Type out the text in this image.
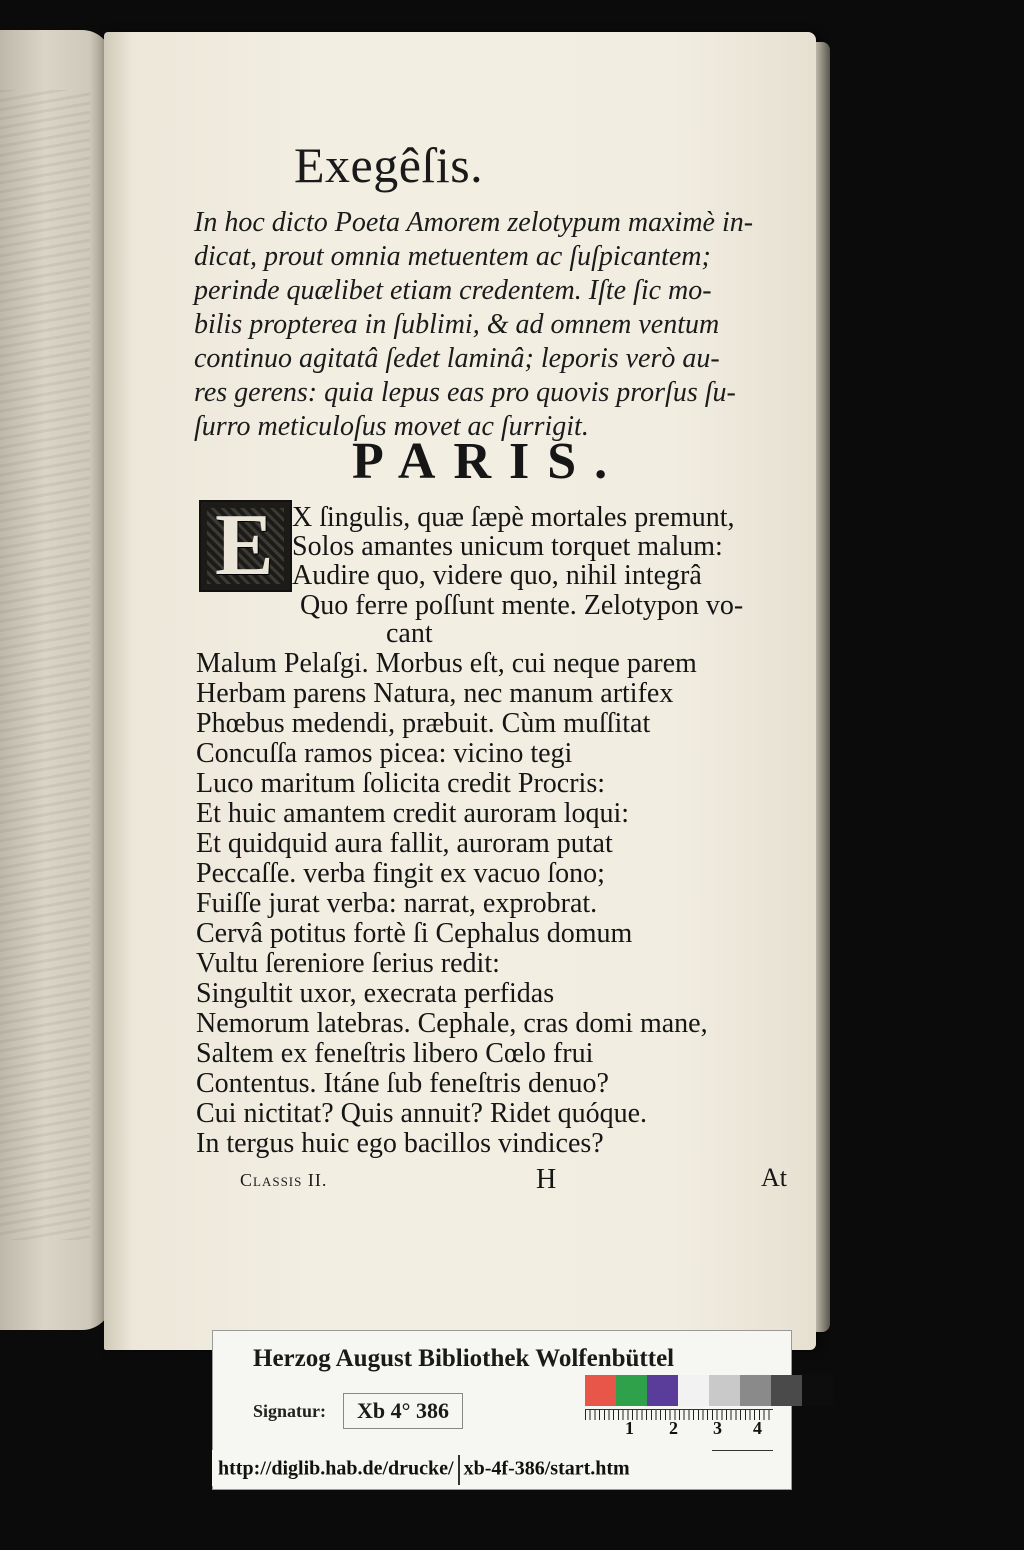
Exegêſis.
In hoc dicto Poeta Amorem zelotypum maximè in-
dicat, prout omnia metuentem ac ſuſpicantem;
perinde quælibet etiam credentem. Iſte ſic mo-
bilis propterea in ſublimi, & ad omnem ventum
continuo agitatâ ſedet laminâ; leporis verò au-
res gerens: quia lepus eas pro quovis prorſus ſu-
ſurro meticuloſus movet ac ſurrigit.
PARIS.
E X ſingulis, quæ ſæpè mortales premunt,
Solos amantes unicum torquet malum:
Audire quo, videre quo, nihil integrâ
Quo ferre poſſunt mente. Zelotypon vo-
cant
Malum Pelaſgi. Morbus eſt, cui neque parem
Herbam parens Natura, nec manum artifex
Phœbus medendi, præbuit. Cùm muſſitat
Concuſſa ramos picea: vicino tegi
Luco maritum ſolicita credit Procris:
Et huic amantem credit auroram loqui:
Et quidquid aura fallit, auroram putat
Peccaſſe. verba fingit ex vacuo ſono;
Fuiſſe jurat verba: narrat, exprobrat.
Cervâ potitus fortè ſi Cephalus domum
Vultu ſereniore ſerius redit:
Singultit uxor, execrata perfidas
Nemorum latebras. Cephale, cras domi mane,
Saltem ex feneſtris libero Cœlo frui
Contentus. Itáne ſub feneſtris denuo?
Cui nictitat? Quis annuit? Ridet quóque.
In tergus huic ego bacillos vindices?
Classis II.	H	At
Herzog August Bibliothek Wolfenbüttel
Signatur:	Xb 4° 386
1 2 3 4
http://diglib.hab.de/drucke/ xb-4f-386/start.htm
